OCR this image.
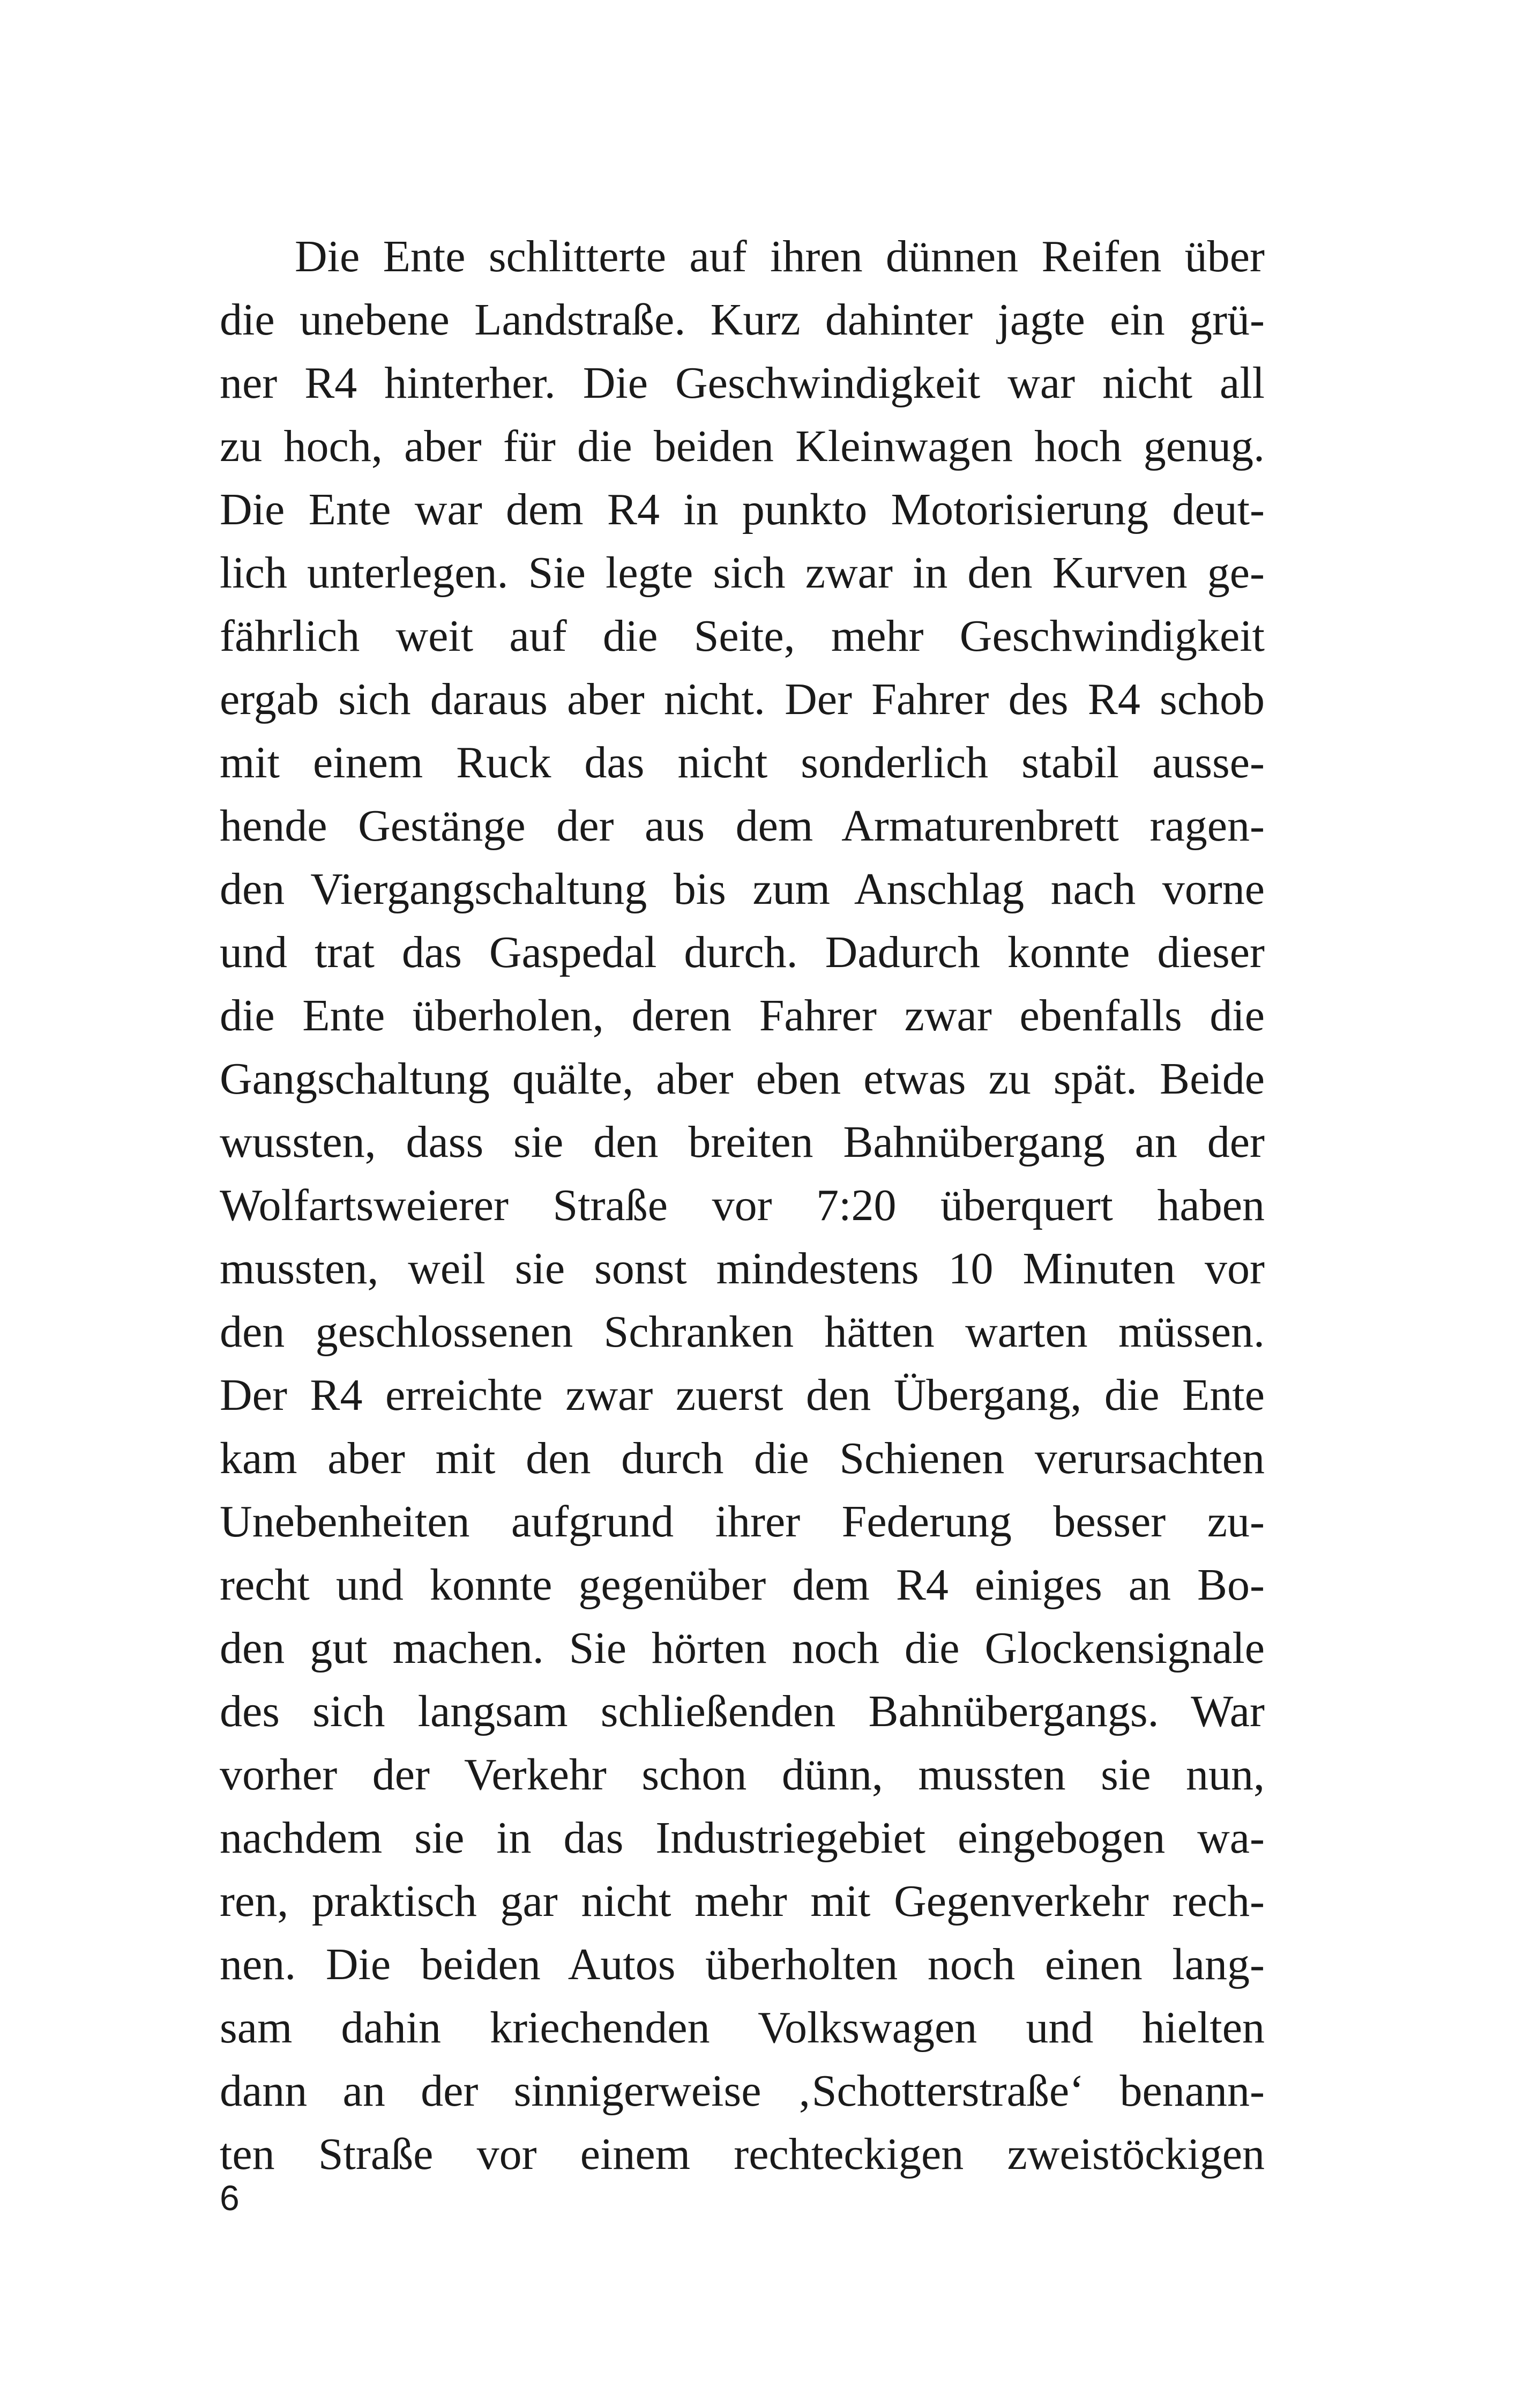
Die Ente schlitterte auf ihren dünnen Reifen über
die unebene Landstraße. Kurz dahinter jagte ein grü-
ner R4 hinterher. Die Geschwindigkeit war nicht all
zu hoch, aber für die beiden Kleinwagen hoch genug.
Die Ente war dem R4 in punkto Motorisierung deut-
lich unterlegen. Sie legte sich zwar in den Kurven ge-
fährlich weit auf die Seite, mehr Geschwindigkeit
ergab sich daraus aber nicht. Der Fahrer des R4 schob
mit einem Ruck das nicht sonderlich stabil ausse-
hende Gestänge der aus dem Armaturenbrett ragen-
den Viergangschaltung bis zum Anschlag nach vorne
und trat das Gaspedal durch. Dadurch konnte dieser
die Ente überholen, deren Fahrer zwar ebenfalls die
Gangschaltung quälte, aber eben etwas zu spät. Beide
wussten, dass sie den breiten Bahnübergang an der
Wolfartsweierer Straße vor 7:20 überquert haben
mussten, weil sie sonst mindestens 10 Minuten vor
den geschlossenen Schranken hätten warten müssen.
Der R4 erreichte zwar zuerst den Übergang, die Ente
kam aber mit den durch die Schienen verursachten
Unebenheiten aufgrund ihrer Federung besser zu-
recht und konnte gegenüber dem R4 einiges an Bo-
den gut machen. Sie hörten noch die Glockensignale
des sich langsam schließenden Bahnübergangs. War
vorher der Verkehr schon dünn, mussten sie nun,
nachdem sie in das Industriegebiet eingebogen wa-
ren, praktisch gar nicht mehr mit Gegenverkehr rech-
nen. Die beiden Autos überholten noch einen lang-
sam dahin kriechenden Volkswagen und hielten
dann an der sinnigerweise ‚Schotterstraße‘ benann-
ten Straße vor einem rechteckigen zweistöckigen
6
